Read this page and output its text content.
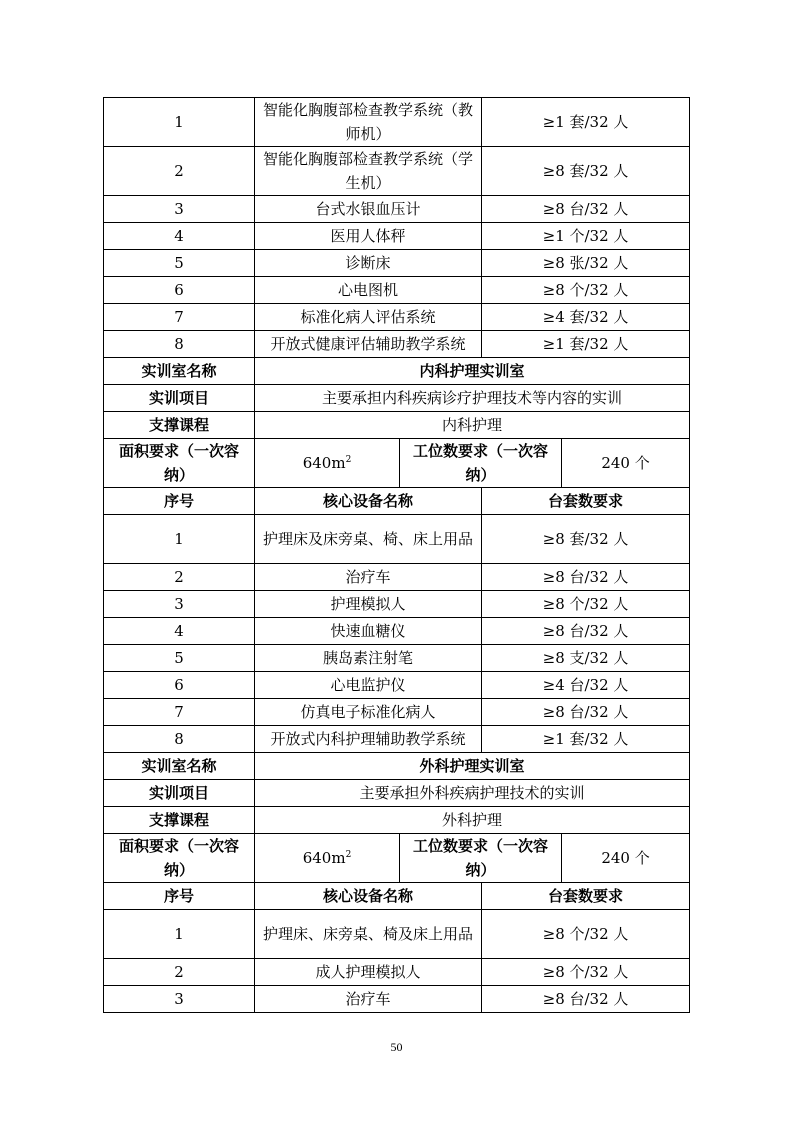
1	智能化胸腹部检查教学系统（教师机）		≥1 套/32 人	
2	智能化胸腹部检查教学系统（学生机）		≥8 套/32 人	
3	台式水银血压计		≥8 台/32 人	
4	医用人体秤		≥1 个/32 人	
5	诊断床		≥8 张/32 人	
6	心电图机		≥8 个/32 人	
7	标准化病人评估系统		≥4 套/32 人	
8	开放式健康评估辅助教学系统		≥1 套/32 人	
实训室名称	内科护理实训室			
实训项目	主要承担内科疾病诊疗护理技术等内容的实训			
支撑课程	内科护理			
面积要求（一次容纳）	$640m^2$	工位数要求（一次容纳）		240 个
序号	核心设备名称		台套数要求	
1	护理床及床旁桌、椅、床上用品		≥8 套/32 人	
2	治疗车		≥8 台/32 人	
3	护理模拟人		≥8 个/32 人	
4	快速血糖仪		≥8 台/32 人	
5	胰岛素注射笔		≥8 支/32 人	
6	心电监护仪		≥4 台/32 人	
7	仿真电子标准化病人		≥8 台/32 人	
8	开放式内科护理辅助教学系统		≥1 套/32 人	
实训室名称	外科护理实训室			
实训项目	主要承担外科疾病护理技术的实训			
支撑课程	外科护理			
面积要求（一次容纳）	$640m^2$	工位数要求（一次容纳）		240 个
序号	核心设备名称		台套数要求	
1	护理床、床旁桌、椅及床上用品		≥8 个/32 人	
2	成人护理模拟人		≥8 个/32 人	
3	治疗车		≥8 台/32 人	
50
